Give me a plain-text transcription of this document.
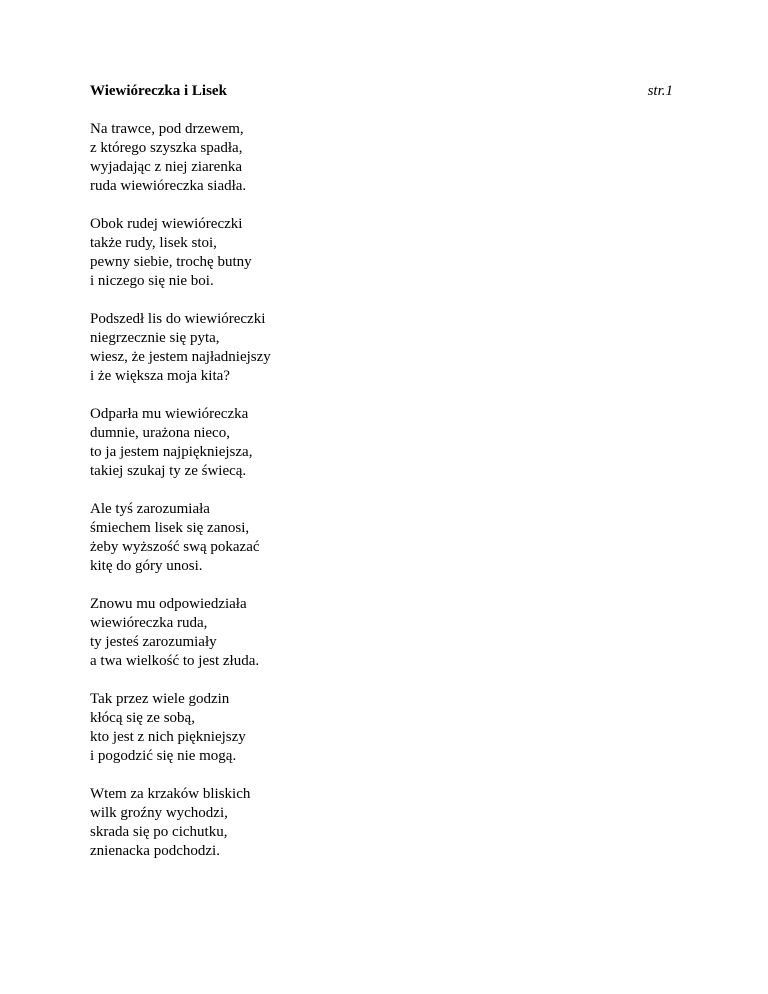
Wiewióreczka i Lisek	str.1
Na trawce, pod drzewem,
z którego szyszka spadła,
wyjadając z niej ziarenka
ruda wiewióreczka siadła.
Obok rudej wiewióreczki
także rudy, lisek stoi,
pewny siebie, trochę butny
i niczego się nie boi.
Podszedł lis do wiewióreczki
niegrzecznie się pyta,
wiesz, że jestem najładniejszy
i że większa moja kita?
Odparła mu wiewióreczka
dumnie, urażona nieco,
to ja jestem najpiękniejsza,
takiej szukaj ty ze świecą.
Ale tyś zarozumiała
śmiechem lisek się zanosi,
żeby wyższość swą pokazać
kitę do góry unosi.
Znowu mu odpowiedziała
wiewióreczka ruda,
ty jesteś zarozumiały
a twa wielkość to jest złuda.
Tak przez wiele godzin
kłócą się ze sobą,
kto jest z nich piękniejszy
i pogodzić się nie mogą.
Wtem za krzaków bliskich
wilk groźny wychodzi,
skrada się po cichutku,
znienacka podchodzi.
